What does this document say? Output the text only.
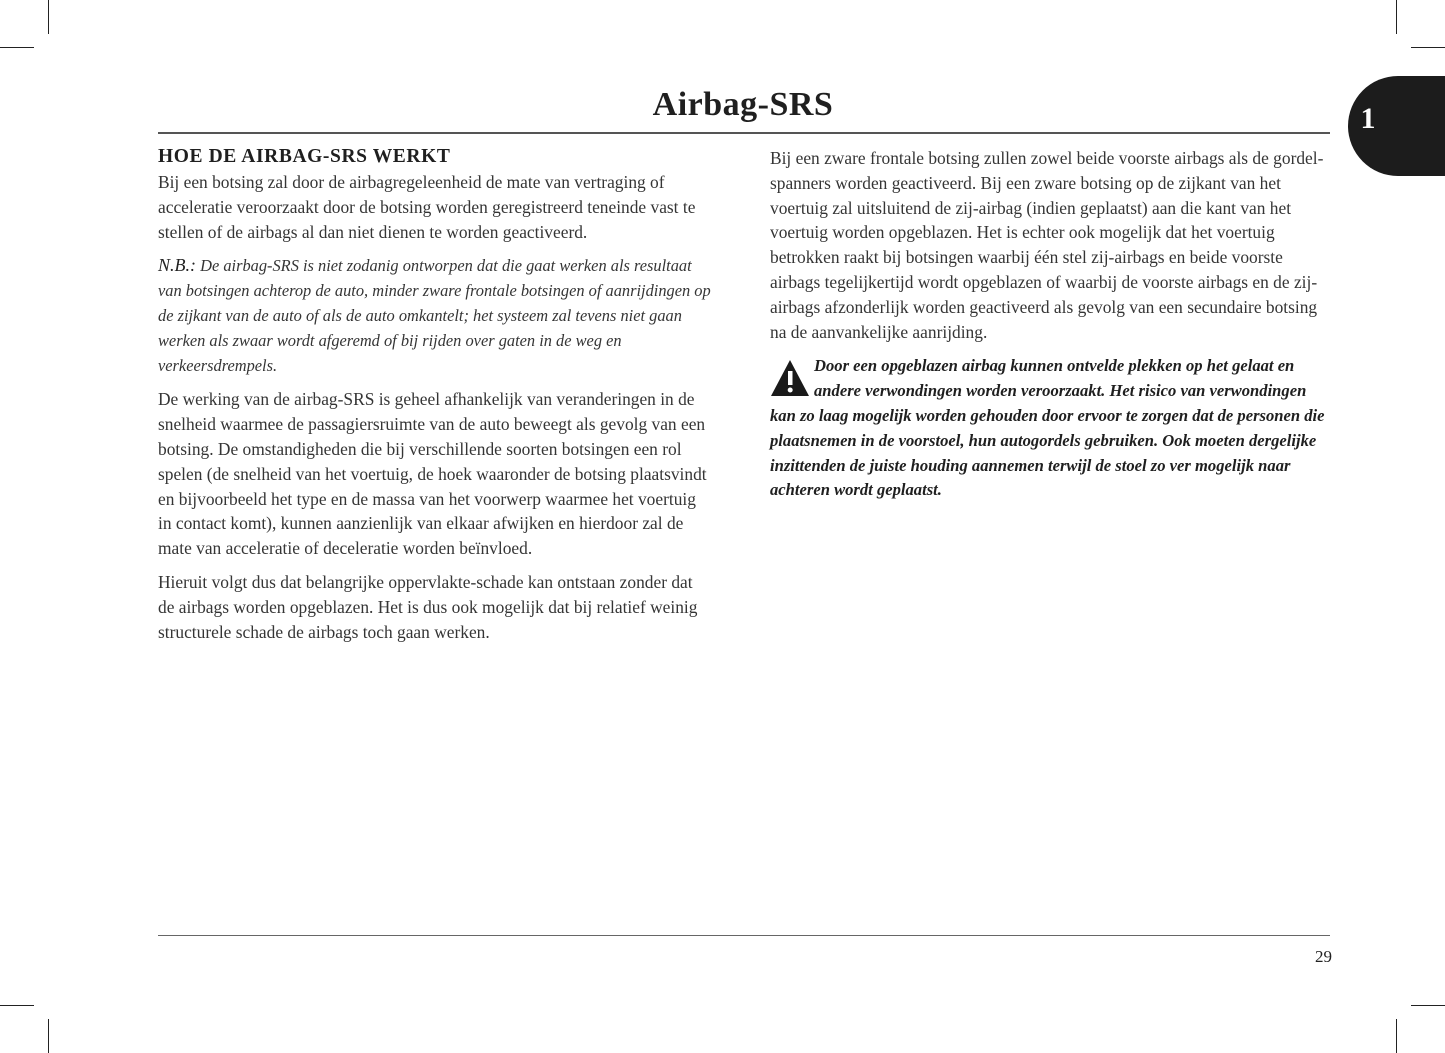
Airbag-SRS	1
HOE DE AIRBAG-SRS WERKT

Bij een botsing zal door de airbagregeleenheid de mate van vertraging of acceleratie veroorzaakt door de botsing worden geregistreerd teneinde vast te stellen of de airbags al dan niet dienen te worden geactiveerd.

N.B.: De airbag-SRS is niet zodanig ontworpen dat die gaat werken als resultaat van botsingen achterop de auto, minder zware frontale botsingen of aanrijdingen op de zijkant van de auto of als de auto omkantelt; het systeem zal tevens niet gaan werken als zwaar wordt afgeremd of bij rijden over gaten in de weg en verkeersdrempels.

De werking van de airbag-SRS is geheel afhankelijk van veranderingen in de snelheid waarmee de passagiersruimte van de auto beweegt als gevolg van een botsing. De omstandigheden die bij verschillende soorten botsingen een rol spelen (de snelheid van het voertuig, de hoek waaronder de botsing plaatsvindt en bijvoorbeeld het type en de massa van het voorwerp waarmee het voertuig in contact komt), kunnen aanzienlijk van elkaar afwijken en hierdoor zal de mate van acceleratie of deceleratie worden beïnvloed.

Hieruit volgt dus dat belangrijke oppervlakte-schade kan ontstaan zonder dat de airbags worden opgeblazen. Het is dus ook mogelijk dat bij relatief weinig structurele schade de airbags toch gaan werken.

Bij een zware frontale botsing zullen zowel beide voorste airbags als de gordel-spanners worden geactiveerd. Bij een zware botsing op de zijkant van het voertuig zal uitsluitend de zij-airbag (indien geplaatst) aan die kant van het voertuig worden opgeblazen. Het is echter ook mogelijk dat het voertuig betrokken raakt bij botsingen waarbij één stel zij-airbags en beide voorste airbags tegelijkertijd wordt opgeblazen of waarbij de voorste airbags en de zij-airbags afzonderlijk worden geactiveerd als gevolg van een secundaire botsing na de aanvankelijke aanrijding.

Door een opgeblazen airbag kunnen ontvelde plekken op het gelaat en andere verwondingen worden veroorzaakt. Het risico van verwondingen kan zo laag mogelijk worden gehouden door ervoor te zorgen dat de personen die plaatsnemen in de voorstoel, hun autogordels gebruiken. Ook moeten dergelijke inzittenden de juiste houding aannemen terwijl de stoel zo ver mogelijk naar achteren wordt geplaatst.
29
